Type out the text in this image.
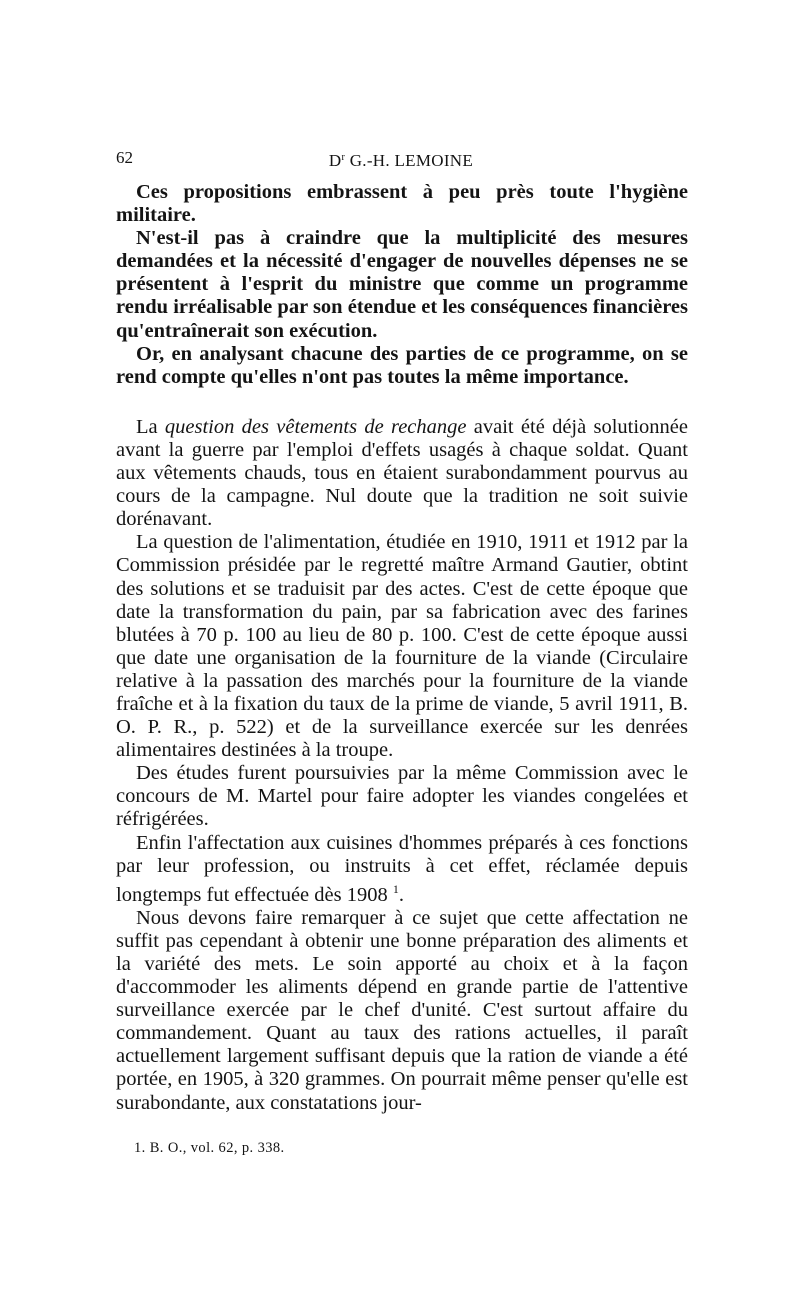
62	$D^r$ G.-H. LEMOINE

Ces propositions embrassent à peu près toute l'hygiène militaire.

N'est-il pas à craindre que la multiplicité des mesures demandées et la nécessité d'engager de nouvelles dépenses ne se présentent à l'esprit du ministre que comme un programme rendu irréalisable par son étendue et les conséquences financières qu'entraînerait son exécution.

Or, en analysant chacune des parties de ce programme, on se rend compte qu'elles n'ont pas toutes la même importance.

La question des vêtements de rechange avait été déjà solutionnée avant la guerre par l'emploi d'effets usagés à chaque soldat. Quant aux vêtements chauds, tous en étaient surabondamment pourvus au cours de la campagne. Nul doute que la tradition ne soit suivie dorénavant.

La question de l'alimentation, étudiée en 1910, 1911 et 1912 par la Commission présidée par le regretté maître Armand Gautier, obtint des solutions et se traduisit par des actes. C'est de cette époque que date la transformation du pain, par sa fabrication avec des farines blutées à 70 p. 100 au lieu de 80 p. 100. C'est de cette époque aussi que date une organisation de la fourniture de la viande (Circulaire relative à la passation des marchés pour la fourniture de la viande fraîche et à la fixation du taux de la prime de viande, 5 avril 1911, B. O. P. R., p. 522) et de la surveillance exercée sur les denrées alimentaires destinées à la troupe.

Des études furent poursuivies par la même Commission avec le concours de M. Martel pour faire adopter les viandes congelées et réfrigérées.

Enfin l'affectation aux cuisines d'hommes préparés à ces fonctions par leur profession, ou instruits à cet effet, réclamée depuis longtemps fut effectuée dès 1908 $^1$.

Nous devons faire remarquer à ce sujet que cette affectation ne suffit pas cependant à obtenir une bonne préparation des aliments et la variété des mets. Le soin apporté au choix et à la façon d'accommoder les aliments dépend en grande partie de l'attentive surveillance exercée par le chef d'unité. C'est surtout affaire du commandement. Quant au taux des rations actuelles, il paraît actuellement largement suffisant depuis que la ration de viande a été portée, en 1905, à 320 grammes. On pourrait même penser qu'elle est surabondante, aux constatations jour-

1. B. O., vol. 62, p. 338.
